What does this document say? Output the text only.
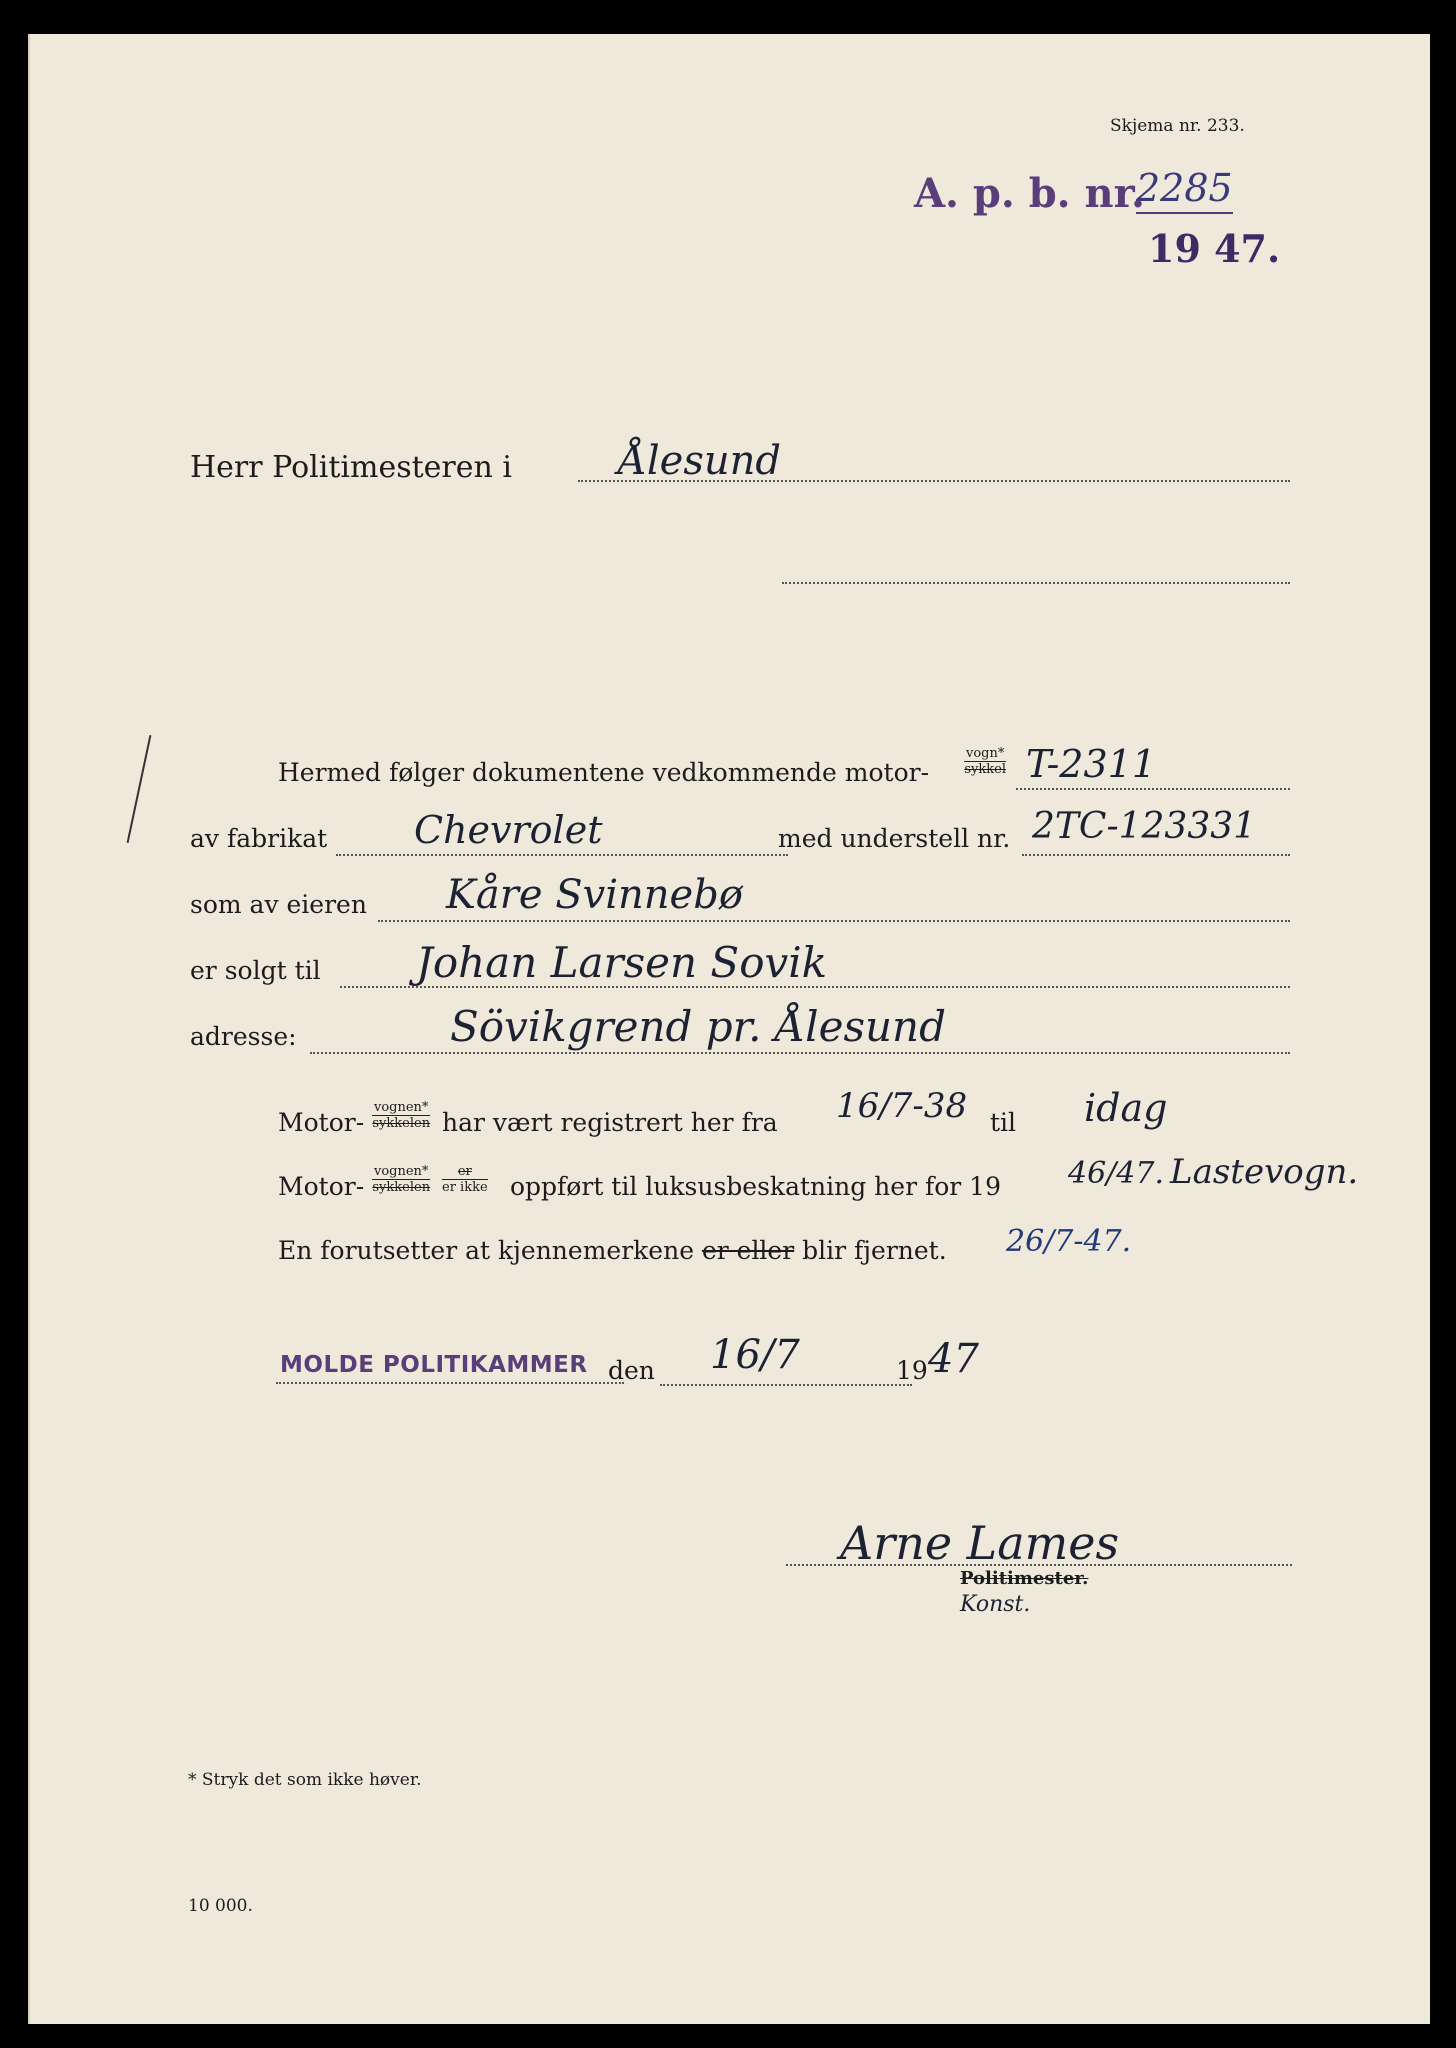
Skjema nr. 233.
A. p. b. nr.
2285
19 47.
Herr Politimesteren i	Ålesund
Hermed følger dokumentene vedkommende motor-
vogn*
sykkel T-2311
av fabrikat Chevrolet	med understell nr. 2TC-123331
som av eieren Kåre Svinnebø
er solgt til Johan Larsen Sovik
adresse:	Sövikgrend pr. Ålesund
Motor-
vognen*
sykkelen har vært registrert her fra 16/7-38 til idag
Motor-
vognen*
sykkelen
er
er ikke oppført til luksusbeskatning her for 19 46/47. Lastevogn.
En forutsetter at kjennemerkene er eller blir fjernet. 26/7-47.
MOLDE POLITIKAMMER den 16/7	19 47
Arne Lames
Politimester.
Konst.
* Stryk det som ikke høver.
10 000.
